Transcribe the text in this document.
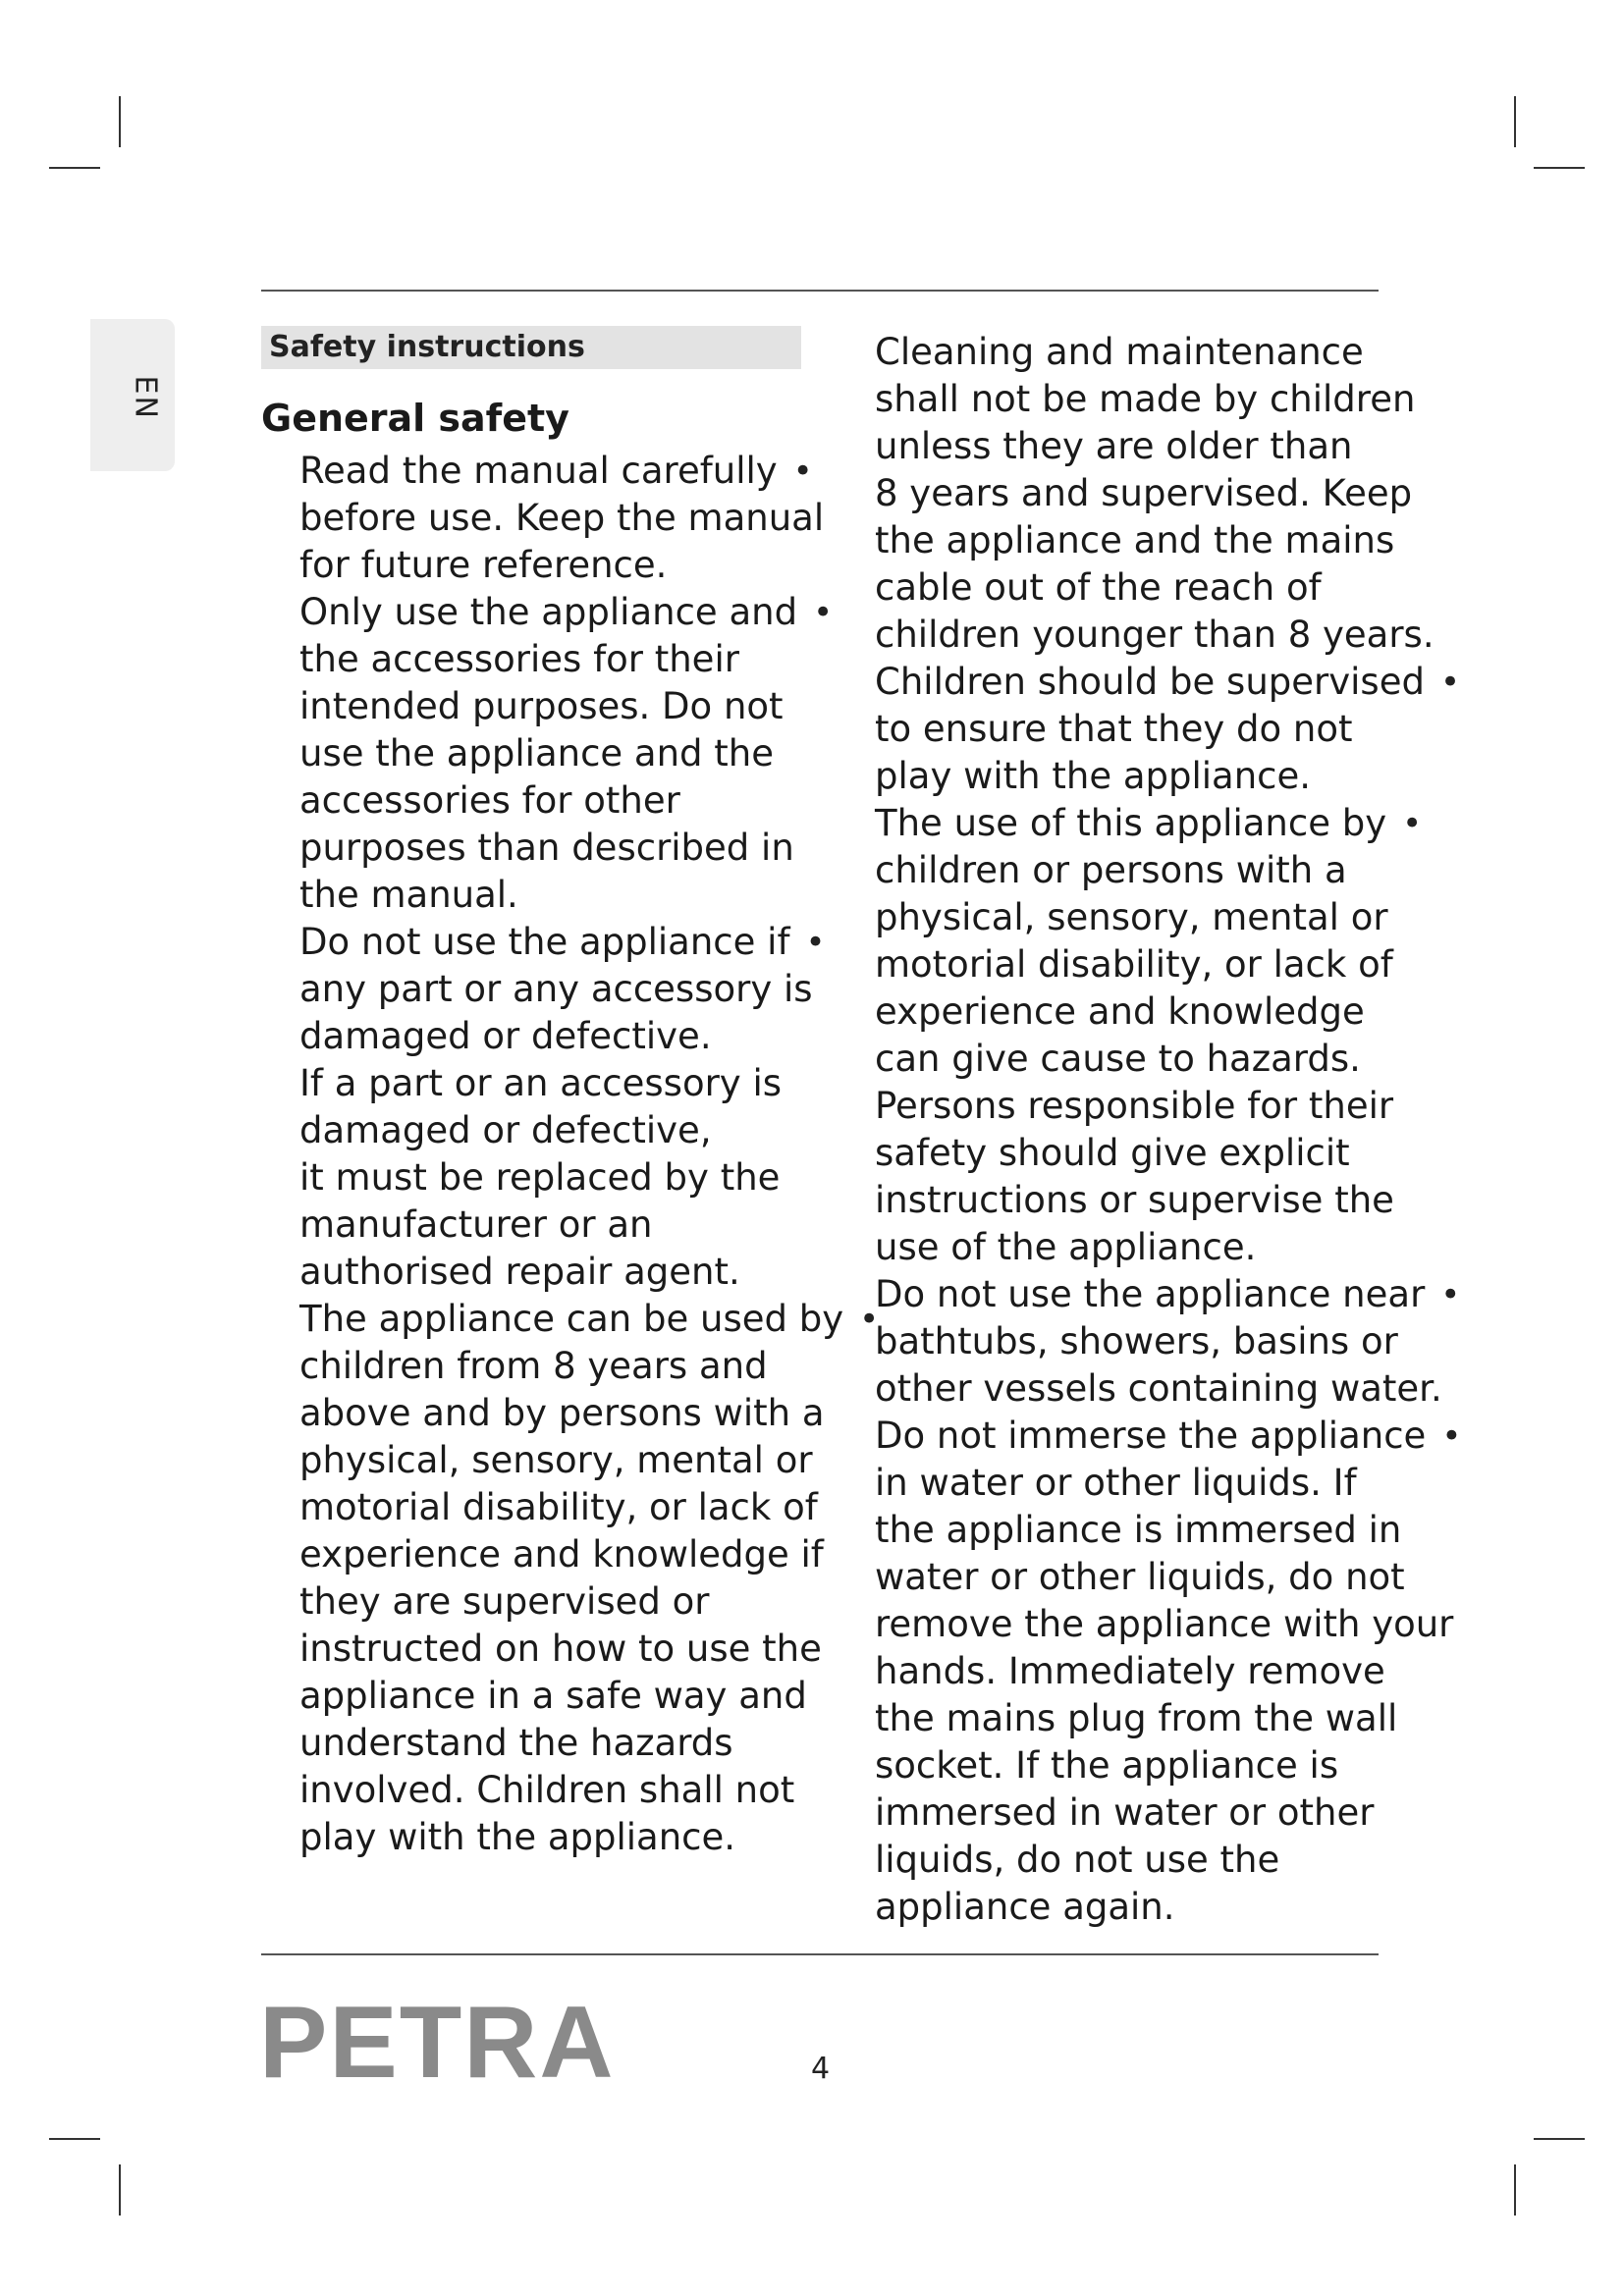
EN
Safety instructions
General safety
Read the manual carefully
before use. Keep the manual
for future reference.
•
Only use the appliance and
the accessories for their
intended purposes. Do not
use the appliance and the
accessories for other
purposes than described in
the manual.
•
Do not use the appliance if
any part or any accessory is
damaged or defective.
If a part or an accessory is
damaged or defective,
it must be replaced by the
manufacturer or an
authorised repair agent.
•
The appliance can be used by
children from 8 years and
above and by persons with a
physical, sensory, mental or
motorial disability, or lack of
experience and knowledge if
they are supervised or
instructed on how to use the
appliance in a safe way and
understand the hazards
involved. Children shall not
play with the appliance.
•
Cleaning and maintenance
shall not be made by children
unless they are older than
8 years and supervised. Keep
the appliance and the mains
cable out of the reach of
children younger than 8 years.
Children should be supervised
to ensure that they do not
play with the appliance.
•
The use of this appliance by
children or persons with a
physical, sensory, mental or
motorial disability, or lack of
experience and knowledge
can give cause to hazards.
Persons responsible for their
safety should give explicit
instructions or supervise the
use of the appliance.
•
Do not use the appliance near
bathtubs, showers, basins or
other vessels containing water.
•
Do not immerse the appliance
in water or other liquids. If
the appliance is immersed in
water or other liquids, do not
remove the appliance with your
hands. Immediately remove
the mains plug from the wall
socket. If the appliance is
immersed in water or other
liquids, do not use the
appliance again.
•
PETRA	4
